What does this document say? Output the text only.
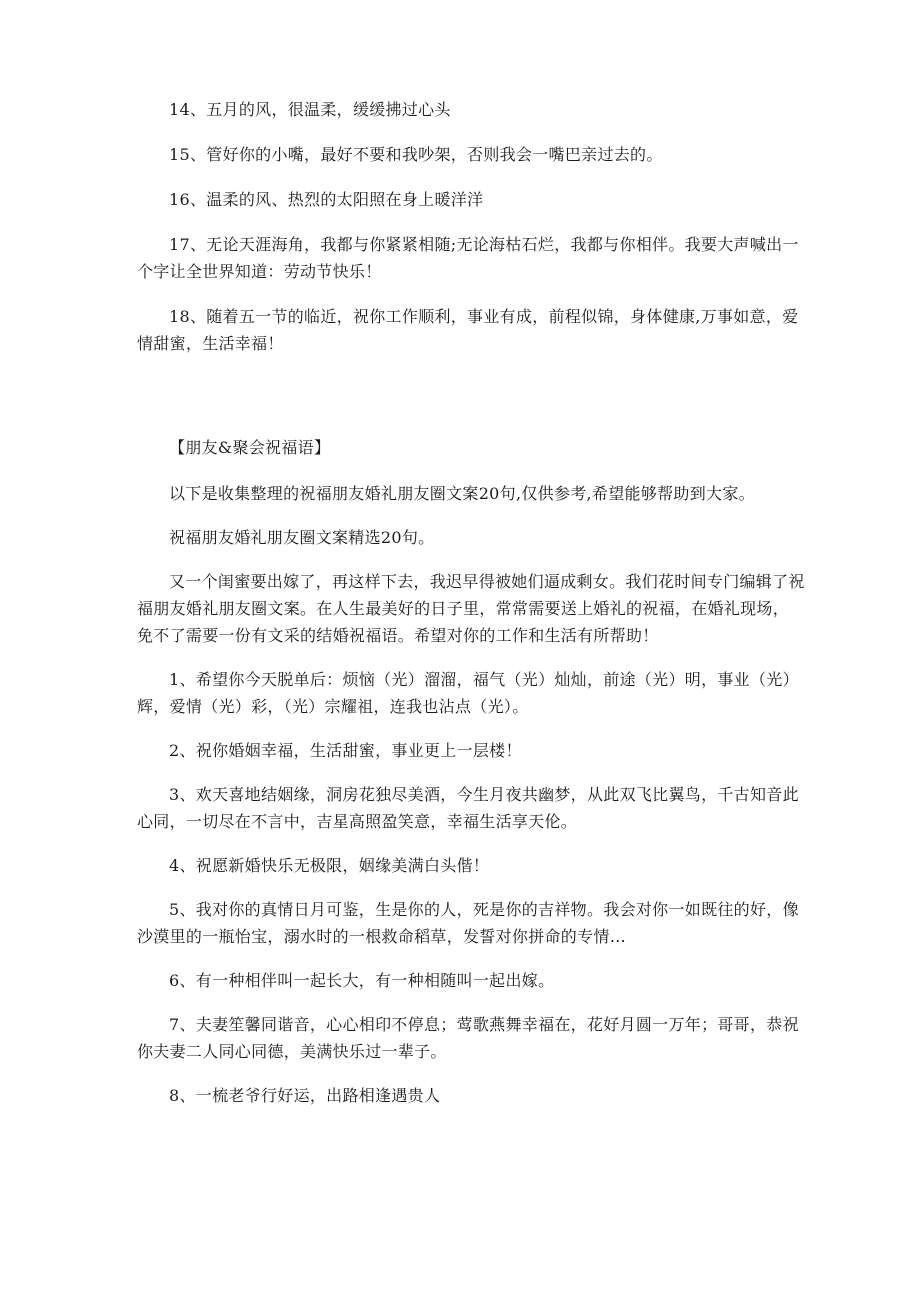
14、五月的风，很温柔，缓缓拂过心头

15、管好你的小嘴，最好不要和我吵架，否则我会一嘴巴亲过去的。

16、温柔的风、热烈的太阳照在身上暖洋洋

17、无论天涯海角，我都与你紧紧相随;无论海枯石烂，我都与你相伴。我要大声喊出一个字让全世界知道：劳动节快乐！

18、随着五一节的临近，祝你工作顺利，事业有成，前程似锦，身体健康,万事如意，爱情甜蜜，生活幸福！

【朋友&聚会祝福语】

以下是收集整理的祝福朋友婚礼朋友圈文案20句,仅供参考,希望能够帮助到大家。

祝福朋友婚礼朋友圈文案精选20句。

又一个闺蜜要出嫁了，再这样下去，我迟早得被她们逼成剩女。我们花时间专门编辑了祝福朋友婚礼朋友圈文案。在人生最美好的日子里，常常需要送上婚礼的祝福，在婚礼现场，免不了需要一份有文采的结婚祝福语。希望对你的工作和生活有所帮助！

1、希望你今天脱单后：烦恼（光）溜溜，福气（光）灿灿，前途（光）明，事业（光）辉，爱情（光）彩，（光）宗耀祖，连我也沾点（光）。

2、祝你婚姻幸福，生活甜蜜，事业更上一层楼！

3、欢天喜地结姻缘，洞房花独尽美酒，今生月夜共幽梦，从此双飞比翼鸟，千古知音此心同，一切尽在不言中，吉星高照盈笑意，幸福生活享天伦。

4、祝愿新婚快乐无极限，姻缘美满白头偕！

5、我对你的真情日月可鉴，生是你的人，死是你的吉祥物。我会对你一如既往的好，像沙漠里的一瓶怡宝，溺水时的一根救命稻草，发誓对你拼命的专情…

6、有一种相伴叫一起长大，有一种相随叫一起出嫁。

7、夫妻笙馨同谐音，心心相印不停息；莺歌燕舞幸福在，花好月圆一万年；哥哥，恭祝你夫妻二人同心同德，美满快乐过一辈子。

8、一梳老爷行好运，出路相逢遇贵人
